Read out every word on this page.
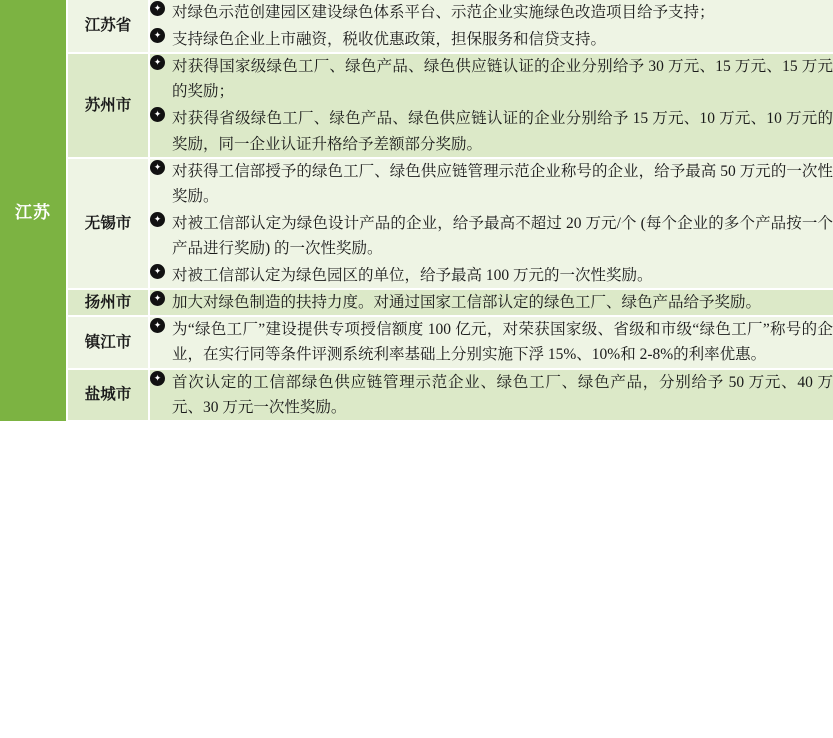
江苏	江苏省	
✦
对绿色示范创建园区建设绿色体系平台、示范企业实施绿色改造项目给予支持；
✦
支持绿色企业上市融资，税收优惠政策，担保服务和信贷支持。

	苏州市	
✦
对获得国家级绿色工厂、绿色产品、绿色供应链认证的企业分别给予 30 万元、15 万元、15 万元的奖励；
✦
对获得省级绿色工厂、绿色产品、绿色供应链认证的企业分别给予 15 万元、10 万元、10 万元的奖励，同一企业认证升格给予差额部分奖励。

	无锡市	
✦
对获得工信部授予的绿色工厂、绿色供应链管理示范企业称号的企业，给予最高 50 万元的一次性奖励。
✦
对被工信部认定为绿色设计产品的企业，给予最高不超过 20 万元/个 (每个企业的多个产品按一个产品进行奖励) 的一次性奖励。
✦
对被工信部认定为绿色园区的单位，给予最高 100 万元的一次性奖励。

	扬州市	
✦加大对绿色制造的扶持力度。对通过国家工信部认定的绿色工厂、绿色产品给予奖励。

	镇江市	
✦
为“绿色工厂”建设提供专项授信额度 100 亿元，对荣获国家级、省级和市级“绿色工厂”称号的企业，在实行同等条件评测系统利率基础上分别实施下浮 15%、10%和 2-8%的利率优惠。

	盐城市	
✦
首次认定的工信部绿色供应链管理示范企业、绿色工厂、绿色产品，分别给予 50 万元、40 万元、30 万元一次性奖励。
